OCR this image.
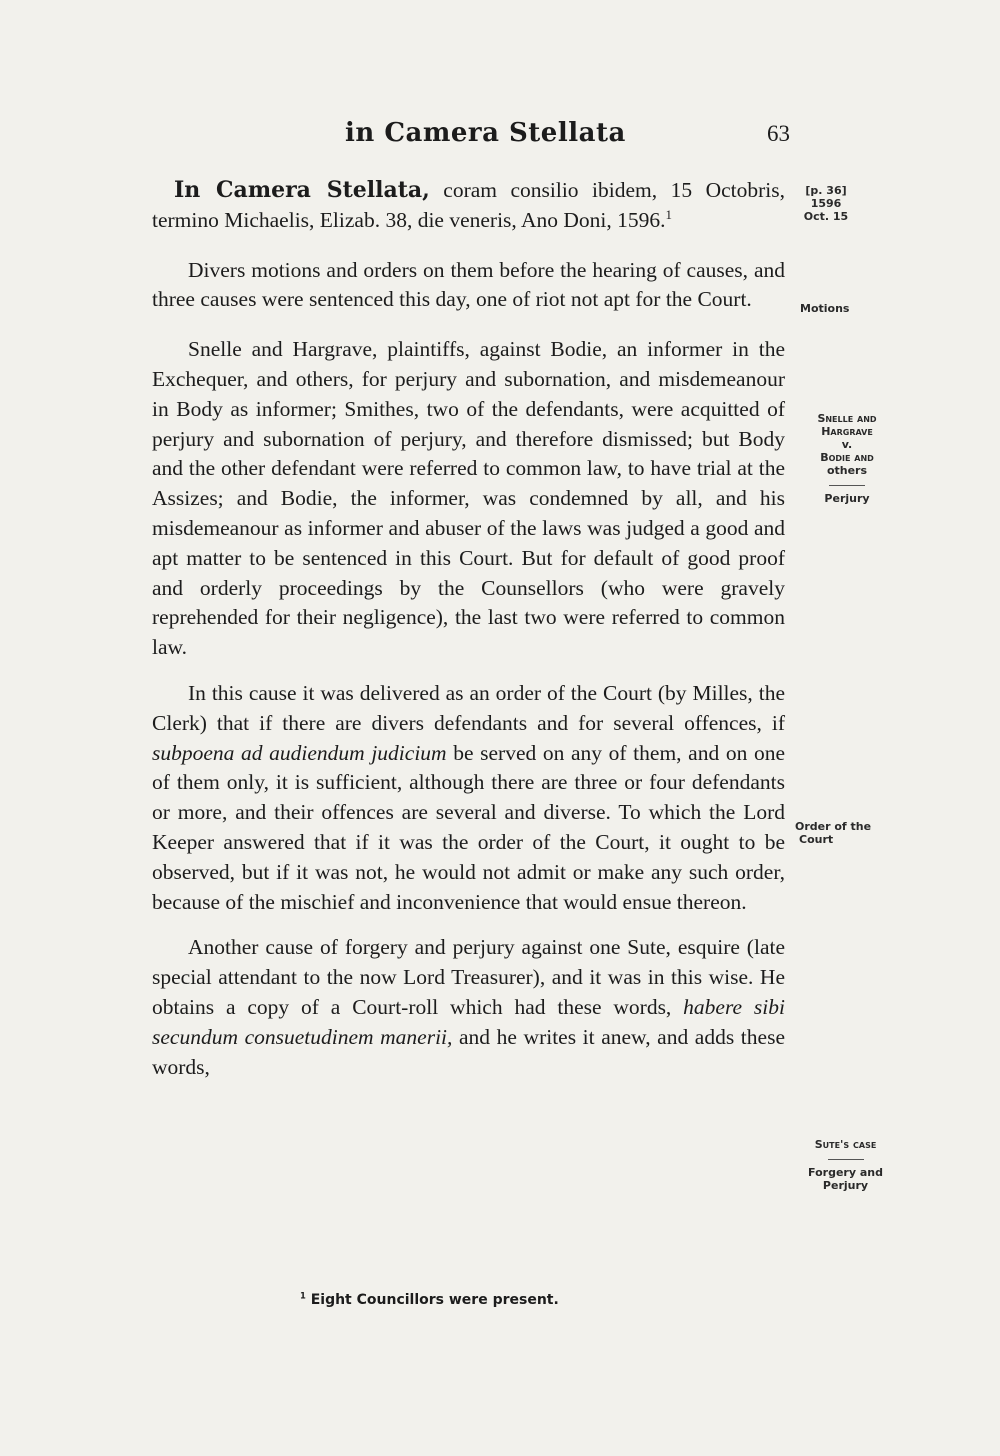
in Camera Stellata	63

In Camera Stellata, coram consilio ibidem, 15 Octobris, termino Michaelis, Elizab. 38, die veneris, Ano Doni, 1596.$^1$

Divers motions and orders on them before the hearing of causes, and three causes were sentenced this day, one of riot not apt for the Court.

Snelle and Hargrave, plaintiffs, against Bodie, an informer in the Exchequer, and others, for perjury and subornation, and misdemeanour in Body as informer; Smithes, two of the defendants, were acquitted of perjury and subornation of perjury, and therefore dismissed; but Body and the other defendant were referred to common law, to have trial at the Assizes; and Bodie, the informer, was condemned by all, and his misdemeanour as informer and abuser of the laws was judged a good and apt matter to be sentenced in this Court. But for default of good proof and orderly proceedings by the Counsellors (who were gravely reprehended for their negligence), the last two were referred to common law.

In this cause it was delivered as an order of the Court (by Milles, the Clerk) that if there are divers defendants and for several offences, if subpoena ad audiendum judicium be served on any of them, and on one of them only, it is sufficient, although there are three or four defendants or more, and their offences are several and diverse. To which the Lord Keeper answered that if it was the order of the Court, it ought to be observed, but if it was not, he would not admit or make any such order, because of the mischief and inconvenience that would ensue thereon.

Another cause of forgery and perjury against one Sute, esquire (late special attendant to the now Lord Treasurer), and it was in this wise. He obtains a copy of a Court-roll which had these words, habere sibi secundum consuetudinem manerii, and he writes it anew, and adds these words,

[p. 36]
1596
Oct. 15
Motions
Snelle and
Hargrave
v.
Bodie and
others
Perjury
Order of the
Court
Sute's case
Forgery and
Perjury
$^1$ Eight Councillors were present.
